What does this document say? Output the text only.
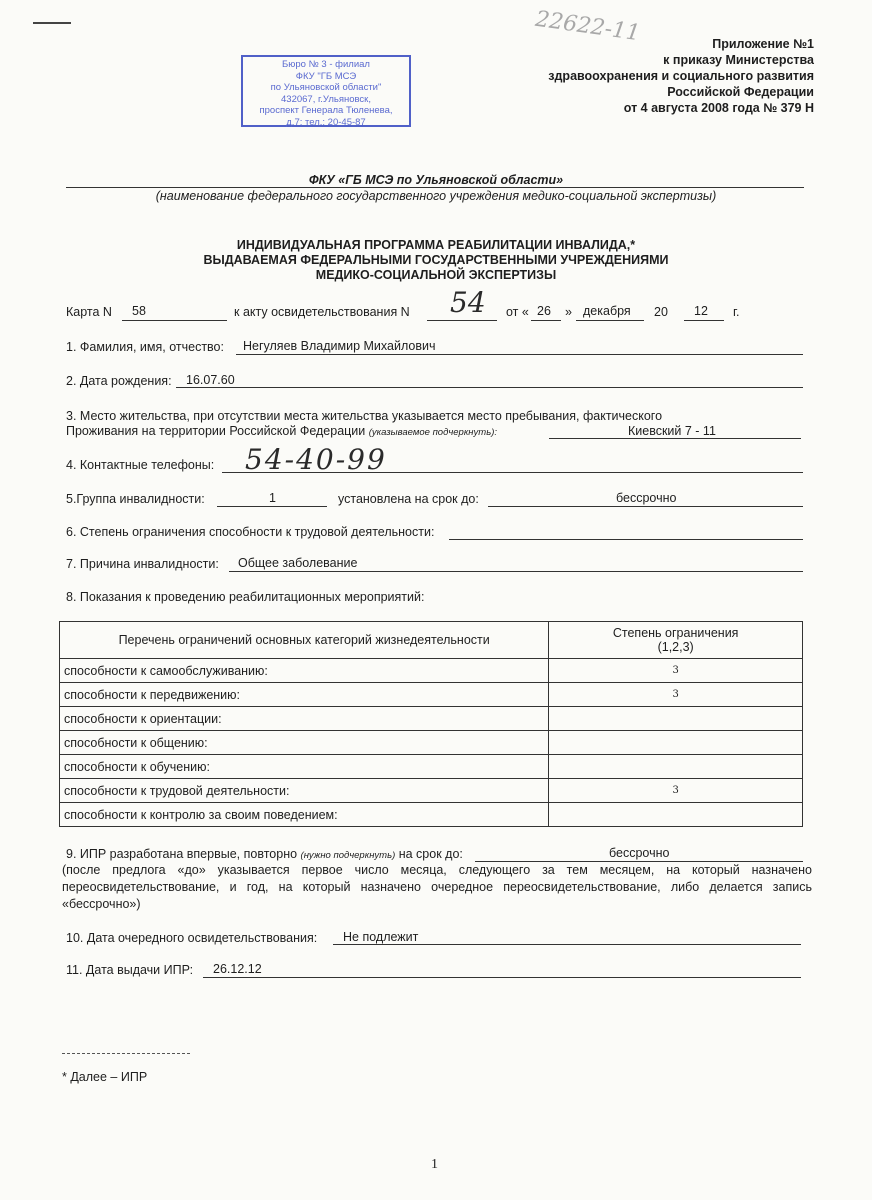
22622-11
Бюро № 3 - филиал
ФКУ "ГБ МСЭ
по Ульяновской области"
432067, г.Ульяновск,
проспект Генерала Тюленева,
д.7; тел.: 20-45-87
Приложение №1
к приказу Министерства
здравоохранения и социального развития
Российской Федерации
от 4 августа 2008 года № 379 Н
ФКУ «ГБ МСЭ по Ульяновской области»
(наименование федерального государственного учреждения медико-социальной экспертизы)
ИНДИВИДУАЛЬНАЯ ПРОГРАММА РЕАБИЛИТАЦИИ ИНВАЛИДА,*
ВЫДАВАЕМАЯ ФЕДЕРАЛЬНЫМИ ГОСУДАРСТВЕННЫМИ УЧРЕЖДЕНИЯМИ
МЕДИКО-СОЦИАЛЬНОЙ ЭКСПЕРТИЗЫ
Карта N 58	к акту освидетельствования N 54 от « 26 » декабря 20 12 г.
1. Фамилия, имя, отчество: Негуляев Владимир Михайлович
2. Дата рождения: 16.07.60
3. Место жительства, при отсутствии места жительства указывается место пребывания, фактического
Проживания на территории Российской Федерации (указываемое подчеркнуть):	Киевский 7 - 11
4. Контактные телефоны: 54-40-99
5.Группа инвалидности:	1	установлена на срок до:	бессрочно
6. Степень ограничения способности к трудовой деятельности:
7. Причина инвалидности: Общее заболевание
8. Показания к проведению реабилитационных мероприятий:
Перечень ограничений основных категорий жизнедеятельности	Степень ограничения
(1,2,3)

способности к самообслуживанию:	3
способности к передвижению:	3
способности к ориентации:	
способности к общению:	
способности к обучению:	
способности к трудовой деятельности:	3
способности к контролю за своим поведением:	
9. ИПР разработана впервые, повторно (нужно подчеркнуть) на срок до:	бессрочно
(после предлога «до» указывается первое число месяца, следующего за тем месяцем, на который назначено переосвидетельствование, и год, на который назначено очередное переосвидетельствование, либо делается запись «бессрочно»)
10. Дата очередного освидетельствования: Не подлежит
11. Дата выдачи ИПР: 26.12.12
* Далее – ИПР
1
